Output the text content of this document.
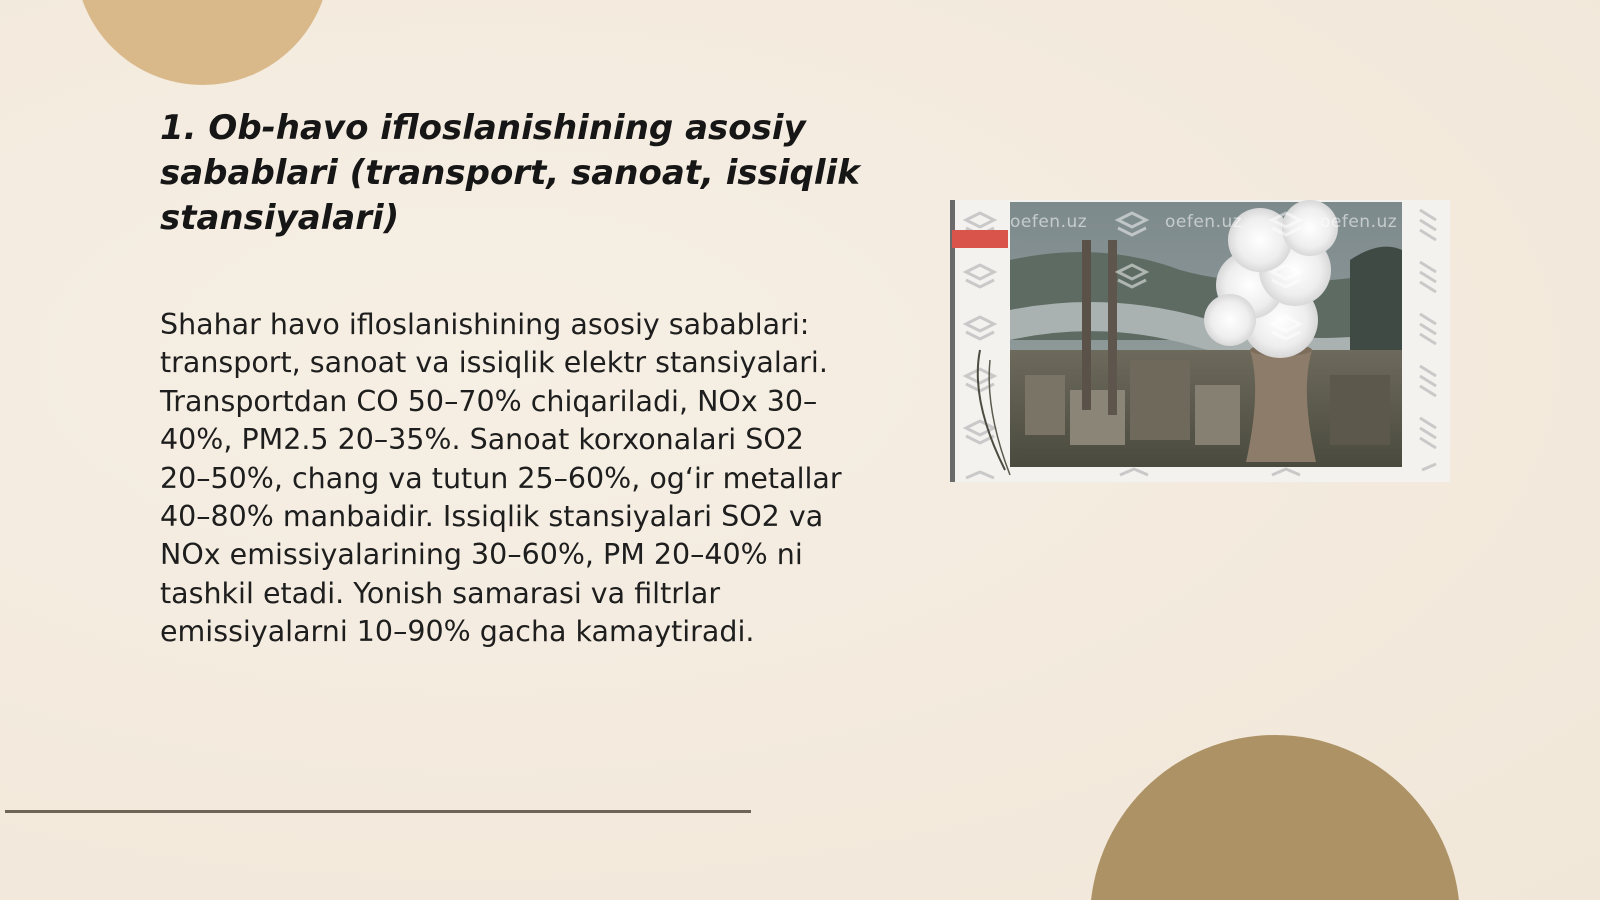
1. Ob-havo ifloslanishining asosiy sabablari (transport, sanoat, issiqlik stansiyalari)

Shahar havo ifloslanishining asosiy sabablari: transport, sanoat va issiqlik elektr stansiyalari. Transportdan CO 50–70% chiqariladi, NOx 30–40%, PM2.5 20–35%. Sanoat korxonalari SO2 20–50%, chang va tutun 25–60%, og‘ir metallar 40–80% manbaidir. Issiqlik stansiyalari SO2 va NOx emissiyalarining 30–60%, PM 20–40% ni tashkil etadi. Yonish samarasi va filtrlar emissiyalarni 10–90% gacha kamaytiradi.

oefen.uz	oefen.uz	oefen.uz
